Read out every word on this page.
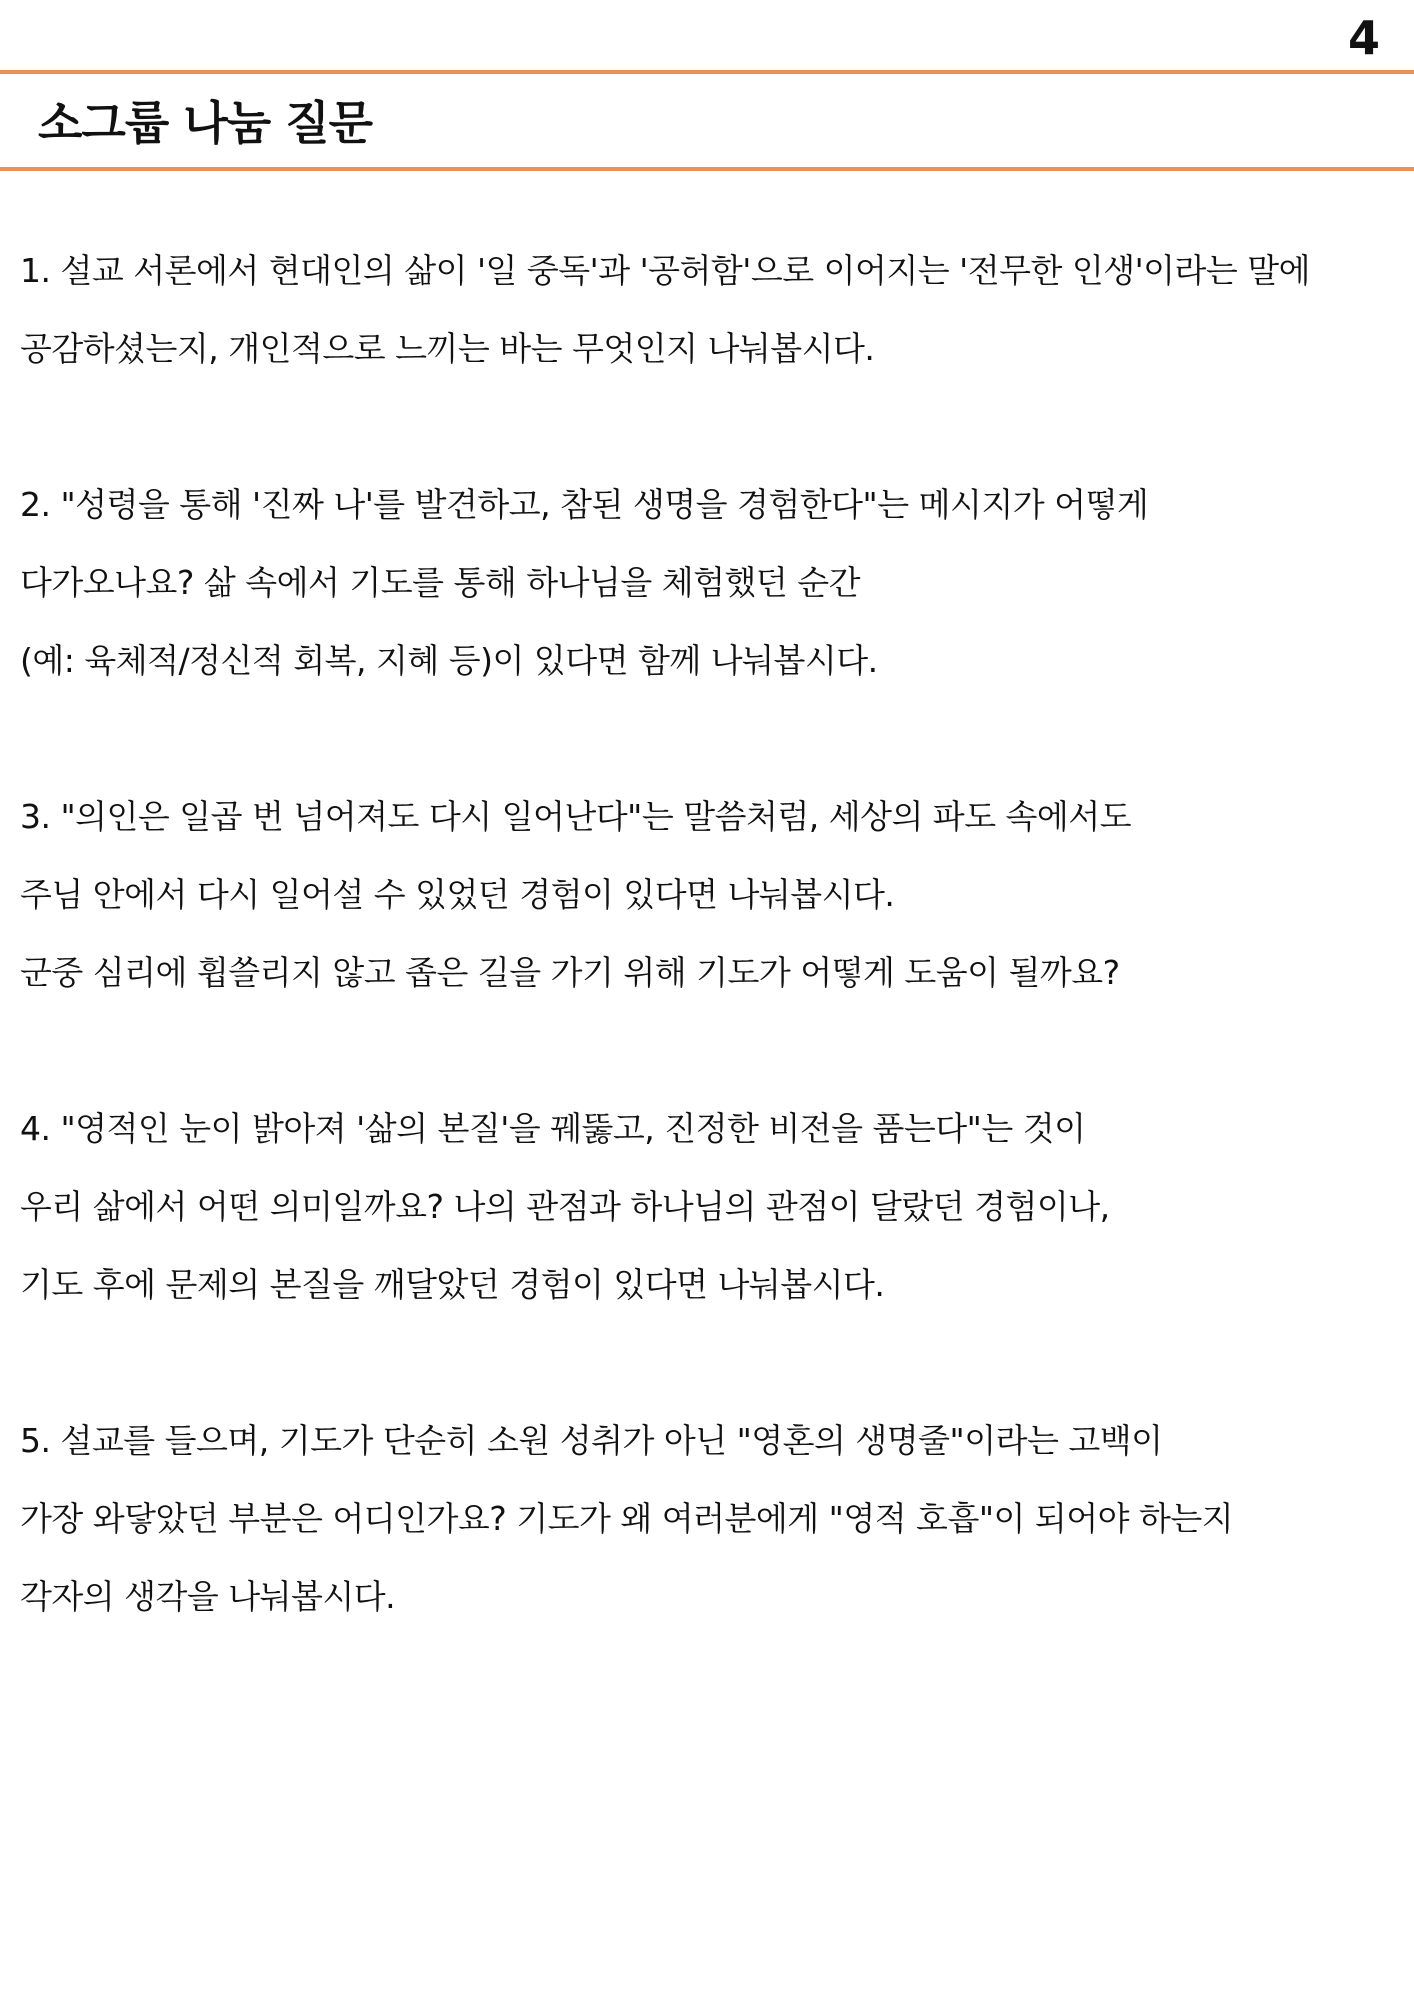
4
소그룹 나눔 질문
1. 설교 서론에서 현대인의 삶이 '일 중독'과 '공허함'으로 이어지는 '전무한 인생'이라는 말에
공감하셨는지, 개인적으로 느끼는 바는 무엇인지 나눠봅시다.
2. "성령을 통해 '진짜 나'를 발견하고, 참된 생명을 경험한다"는 메시지가 어떻게
다가오나요? 삶 속에서 기도를 통해 하나님을 체험했던 순간
(예: 육체적/정신적 회복, 지혜 등)이 있다면 함께 나눠봅시다.
3. "의인은 일곱 번 넘어져도 다시 일어난다"는 말씀처럼, 세상의 파도 속에서도
주님 안에서 다시 일어설 수 있었던 경험이 있다면 나눠봅시다.
군중 심리에 휩쓸리지 않고 좁은 길을 가기 위해 기도가 어떻게 도움이 될까요?
4. "영적인 눈이 밝아져 '삶의 본질'을 꿰뚫고, 진정한 비전을 품는다"는 것이
우리 삶에서 어떤 의미일까요? 나의 관점과 하나님의 관점이 달랐던 경험이나,
기도 후에 문제의 본질을 깨달았던 경험이 있다면 나눠봅시다.
5. 설교를 들으며, 기도가 단순히 소원 성취가 아닌 "영혼의 생명줄"이라는 고백이
가장 와닿았던 부분은 어디인가요? 기도가 왜 여러분에게 "영적 호흡"이 되어야 하는지
각자의 생각을 나눠봅시다.
